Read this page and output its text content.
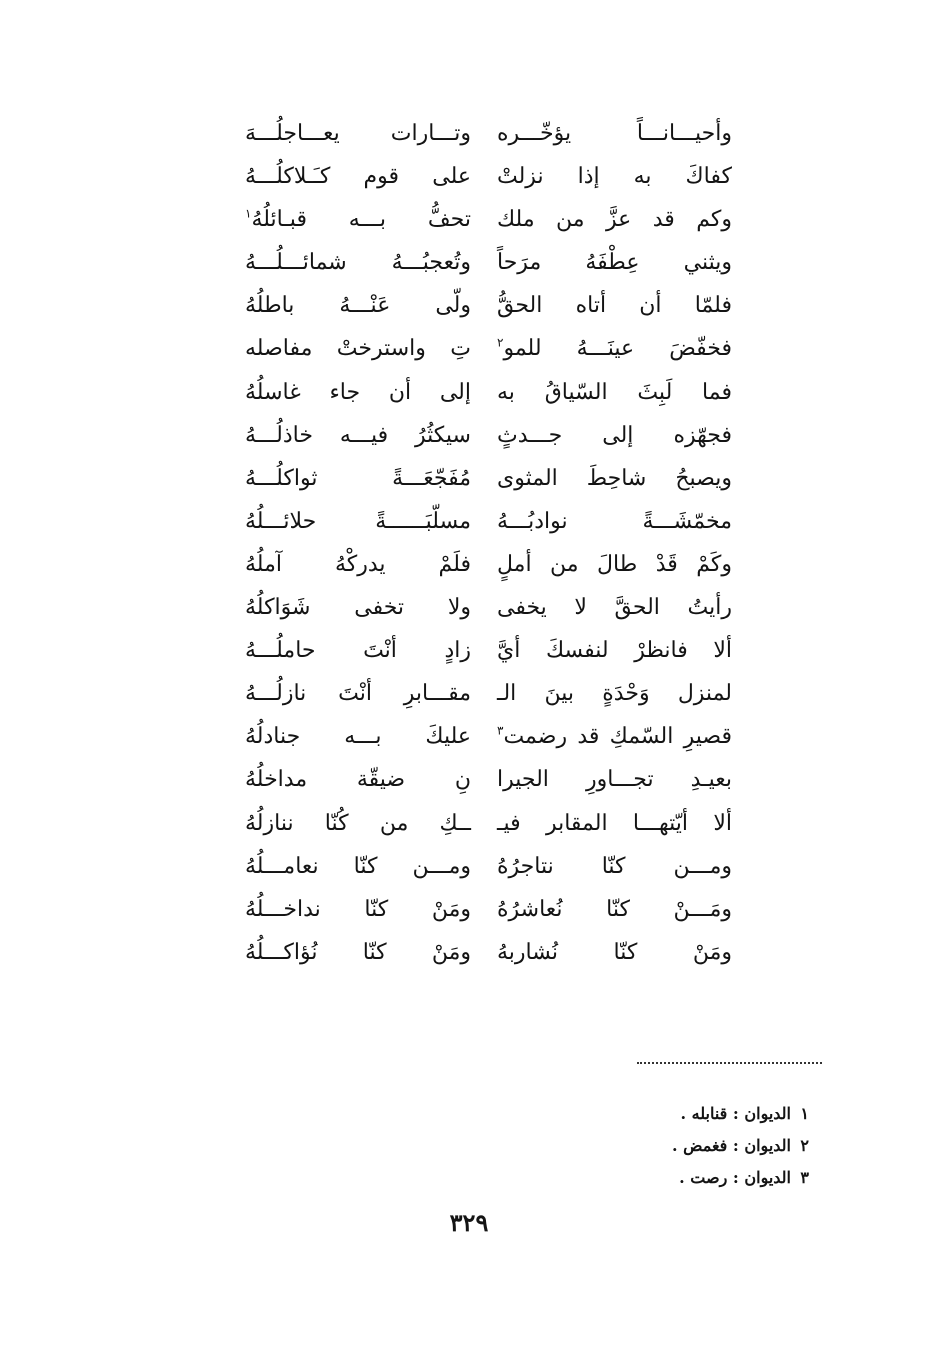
وأحيـــانـــاً يؤخّـــره
وتـــارات يعـــاجلُـــهَ
كفاكَ به إذا نزلتْ
على قوم كـَـلاكلُـــهُ
وكم قد عزَّ من ملك
تحفُّ بـــه قبـائلُهُ$^١$
ويثني عِطْفَهُ مرَحاً
وتُعجبُـــهُ شمائـــلُـــهُ
فلمّا أن أتاه الحقُّ
ولّى عَنْـــهُ باطلُهُ
فخفّضَ عينَـــهُ للمو$^٢$
تِ واسترختْ مفاصله
فما لَبِثَ السّياقُ به
إلى أن جاء غاسلُهُ
فجهّزه إلى جـــدثٍ
سيكثُرُ فيـــه خاذلُـــهُ
ويصبحُ شاحِطَ المثوى
مُفَجّعَـــةً ثواكلُـــهُ
مخمّشَـــةً نوادبُـــهُ
مسلّبَــــــةً حلائـــلُهُ
وكَمْ قَدْ طالَ من أملٍ
فلَمْ يدركْهُ آملُهُ
رأيتُ الحقَّ لا يخفى
ولا تخفى شَوَاكلُهُ
ألا فانظرْ لنفسكَ أيَّ
زادٍ أنْتَ حاملُـــهُ
لمنزل وَحْدَةٍ بينَ الـ
مقـــابرِ أنْتَ نازلُـــهُ
قصيرِ السّمكِ قد رضمت$^٣$
عليكَ بـــه جنادلُهُ
بعيـدِ تجـــاورِ الجيرا
نِ ضيقّة مداخلُهُ
ألا أيّتهـــا المقابر فيـ
ــكِ من كُنّا ننازلُهُ
ومـــن كنّا نتاجرُهُ
ومـــن كنّا نعامـــلُهُ
ومَـــنْ كنّا نُعاشرُهُ
ومَنْ كنّا نداخـــلُهُ
ومَنْ كنّا نُشاربهُ
ومَنْ كنّا نُؤاكـــلُهُ
١الديوان : قنابله .
٢الديوان : فغمض .
٣الديوان : رصت .
٣٢٩
